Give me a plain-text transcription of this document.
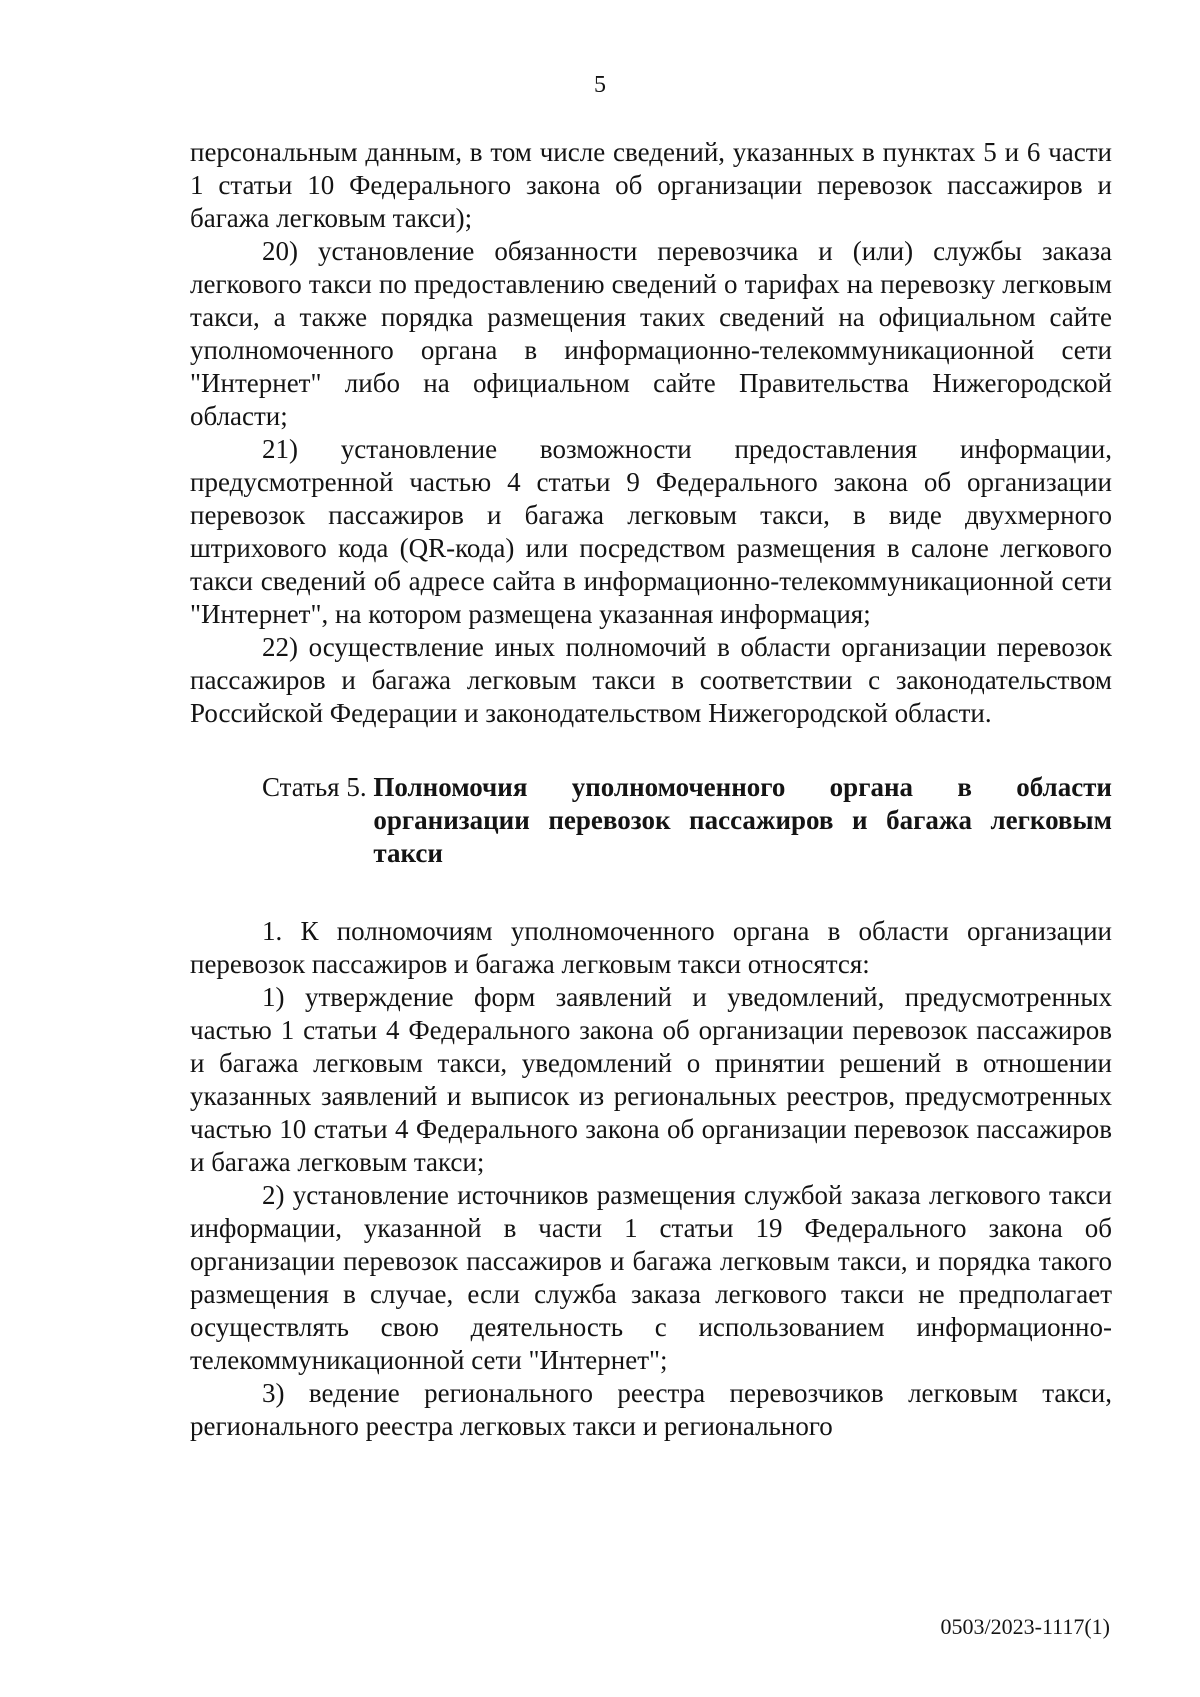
5

персональным данным, в том числе сведений, указанных в пунктах 5 и 6 части 1 статьи 10 Федерального закона об организации перевозок пассажиров и багажа легковым такси);

20) установление обязанности перевозчика и (или) службы заказа легкового такси по предоставлению сведений о тарифах на перевозку легковым такси, а также порядка размещения таких сведений на официальном сайте уполномоченного органа в информационно-телекоммуникационной сети "Интернет" либо на официальном сайте Правительства Нижегородской области;

21) установление возможности предоставления информации, предусмотренной частью 4 статьи 9 Федерального закона об организации перевозок пассажиров и багажа легковым такси, в виде двухмерного штрихового кода (QR-кода) или посредством размещения в салоне легкового такси сведений об адресе сайта в информационно-телекоммуникационной сети "Интернет", на котором размещена указанная информация;

22) осуществление иных полномочий в области организации перевозок пассажиров и багажа легковым такси в соответствии с законодательством Российской Федерации и законодательством Нижегородской области.

Статья 5. Полномочия уполномоченного органа в области организации перевозок пассажиров и багажа легковым такси

1. К полномочиям уполномоченного органа в области организации перевозок пассажиров и багажа легковым такси относятся:

1) утверждение форм заявлений и уведомлений, предусмотренных частью 1 статьи 4 Федерального закона об организации перевозок пассажиров и багажа легковым такси, уведомлений о принятии решений в отношении указанных заявлений и выписок из региональных реестров, предусмотренных частью 10 статьи 4 Федерального закона об организации перевозок пассажиров и багажа легковым такси;

2) установление источников размещения службой заказа легкового такси информации, указанной в части 1 статьи 19 Федерального закона об организации перевозок пассажиров и багажа легковым такси, и порядка такого размещения в случае, если служба заказа легкового такси не предполагает осуществлять свою деятельность с использованием информационно-телекоммуникационной сети "Интернет";

3) ведение регионального реестра перевозчиков легковым такси, регионального реестра легковых такси и регионального

0503/2023-1117(1)
